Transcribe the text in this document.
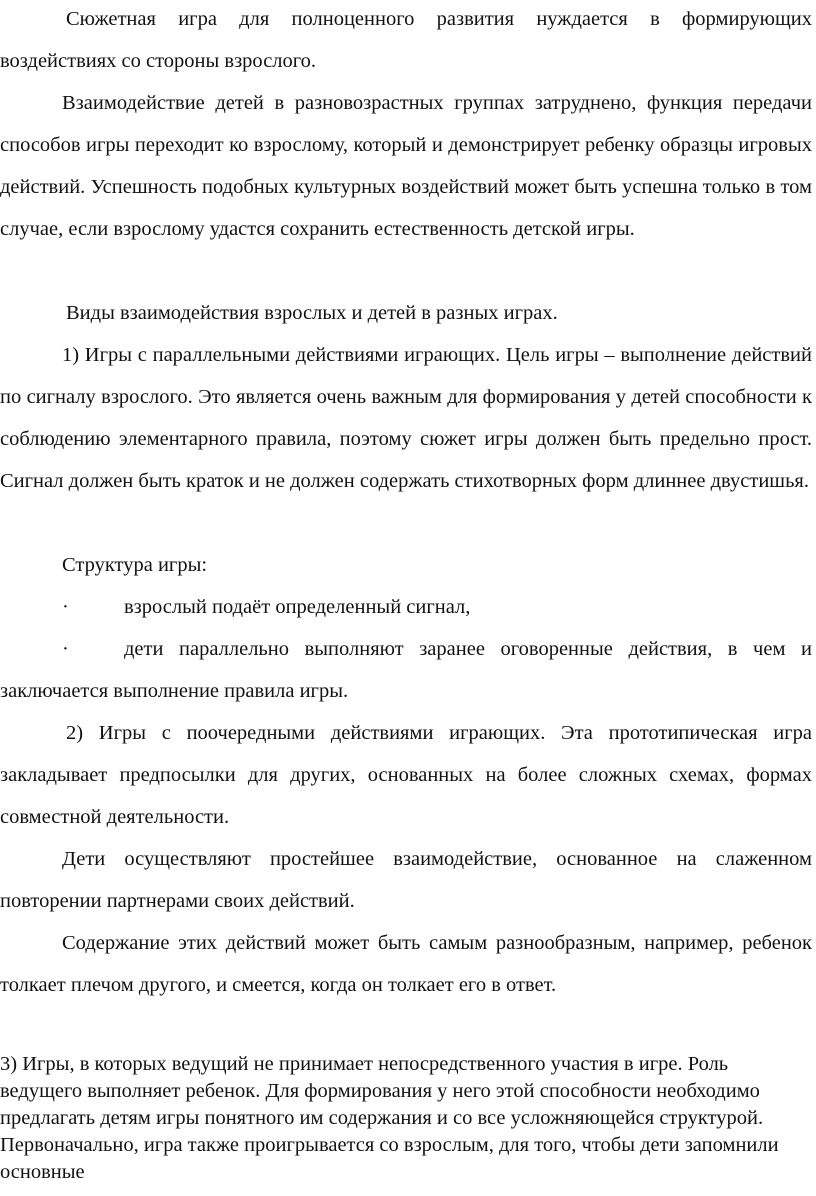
Сюжетная игра для полноценного развития нуждается в формирующих воздействиях со стороны взрослого.

Взаимодействие детей в разновозрастных группах затруднено, функция передачи способов игры переходит ко взрослому, который и демонстрирует ребенку образцы игровых действий. Успешность подобных культурных воздействий может быть успешна только в том случае, если взрослому удастся сохранить естественность детской игры.

Виды взаимодействия взрослых и детей в разных играх.

1) Игры с параллельными действиями играющих. Цель игры – выполнение действий по сигналу взрослого. Это является очень важным для формирования у детей способности к соблюдению элементарного правила, поэтому сюжет игры должен быть предельно прост. Сигнал должен быть краток и не должен содержать стихотворных форм длиннее двустишья.

Структура игры:

·	взрослый подаёт определенный сигнал,

·	дети параллельно выполняют заранее оговоренные действия, в чем и заключается выполнение правила игры.

2) Игры с поочередными действиями играющих. Эта прототипическая игра закладывает предпосылки для других, основанных на более сложных схемах, формах совместной деятельности.

Дети осуществляют простейшее взаимодействие, основанное на слаженном повторении партнерами своих действий.

Содержание этих действий может быть самым разнообразным, например, ребенок толкает плечом другого, и смеется, когда он толкает его в ответ.

3) Игры, в которых ведущий не принимает непосредственного участия в игре. Роль ведущего выполняет ребенок. Для формирования у него этой способности необходимо предлагать детям игры понятного им содержания и со все усложняющейся структурой. Первоначально, игра также проигрывается со взрослым, для того, чтобы дети запомнили основные
